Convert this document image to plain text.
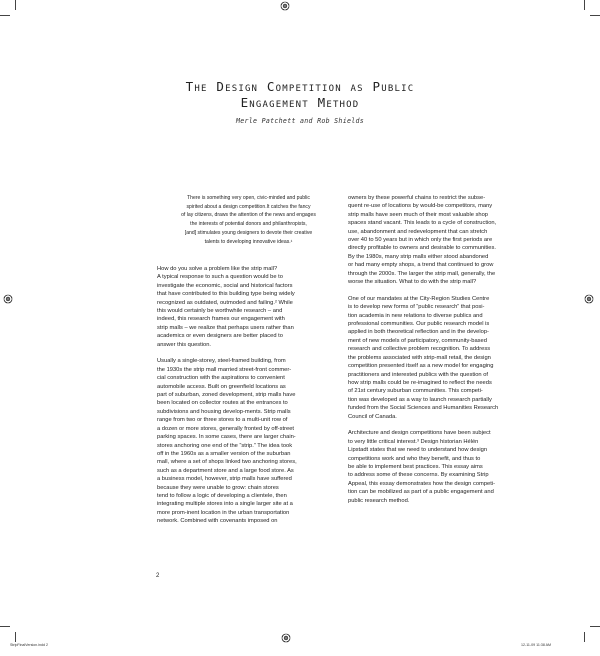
The Design Competition as Public
Engagement Method
Merle Patchett and Rob Shields
There is something very open, civic-minded and public
spirited about a design competition.It catches the fancy
of lay citizens, draws the attention of the news and engages
the interests of potential donors and philanthropists,
[and] stimulates young designers to devote their creative
talents to developing innovative ideas.¹

How do you solve a problem like the strip mall?
A typical response to such a question would be to
investigate the economic, social and historical factors
that have contributed to this building type being widely
recognized as outdated, outmoded and failing.² While
this would certainly be worthwhile research – and
indeed, this research frames our engagement with
strip malls – we realize that perhaps users rather than
academics or even designers are better placed to
answer this question.

Usually a single-storey, steel-framed building, from
the 1930s the strip mall married street-front commer-
cial construction with the aspirations to convenient
automobile access. Built on greenfield locations as
part of suburban, zoned development, strip malls have
been located on collector routes at the entrances to
subdivisions and housing develop-ments. Strip malls
range from two or three stores to a multi-unit row of
a dozen or more stores, generally fronted by off-street
parking spaces. In some cases, there are larger chain-
stores anchoring one end of the “strip.” The idea took
off in the 1960s as a smaller version of the suburban
mall, where a set of shops linked two anchoring stores,
such as a department store and a large food store. As
a business model, however, strip malls have suffered
because they were unable to grow: chain stores
tend to follow a logic of developing a clientele, then
integrating multiple stores into a single larger site at a
more prom-inent location in the urban transportation
network. Combined with covenants imposed on

owners by these powerful chains to restrict the subse-
quent re-use of locations by would-be competitors, many
strip malls have seen much of their most valuable shop
spaces stand vacant. This leads to a cycle of construction,
use, abandonment and redevelopment that can stretch
over 40 to 50 years but in which only the first periods are
directly profitable to owners and desirable to communities.
By the 1980s, many strip malls either stood abandoned
or had many empty shops, a trend that continued to grow
through the 2000s. The larger the strip mall, generally, the
worse the situation. What to do with the strip mall?

One of our mandates at the City-Region Studies Centre
is to develop new forms of “public research” that posi-
tion academia in new relations to diverse publics and
professional communities. Our public research model is
applied in both theoretical reflection and in the develop-
ment of new models of participatory, community-based
research and collective problem recognition. To address
the problems associated with strip-mall retail, the design
competition presented itself as a new model for engaging
practitioners and interested publics with the question of
how strip malls could be re-imagined to reflect the needs
of 21st century suburban communities. This competi-
tion was developed as a way to launch research partially
funded from the Social Sciences and Humanities Research
Council of Canada.

Architecture and design competitions have been subject
to very little critical interest.³ Design historian Hélén
Lipstadt states that we need to understand how design
competitions work and who they benefit, and thus to
be able to implement best practices. This essay aims
to address some of these concerns. By examining Strip
Appeal, this essay demonstrates how the design competi-
tion can be mobilized as part of a public engagement and
public research method.

2
StripFinalVersion.indd 2	12-11-09 11:38 AM
